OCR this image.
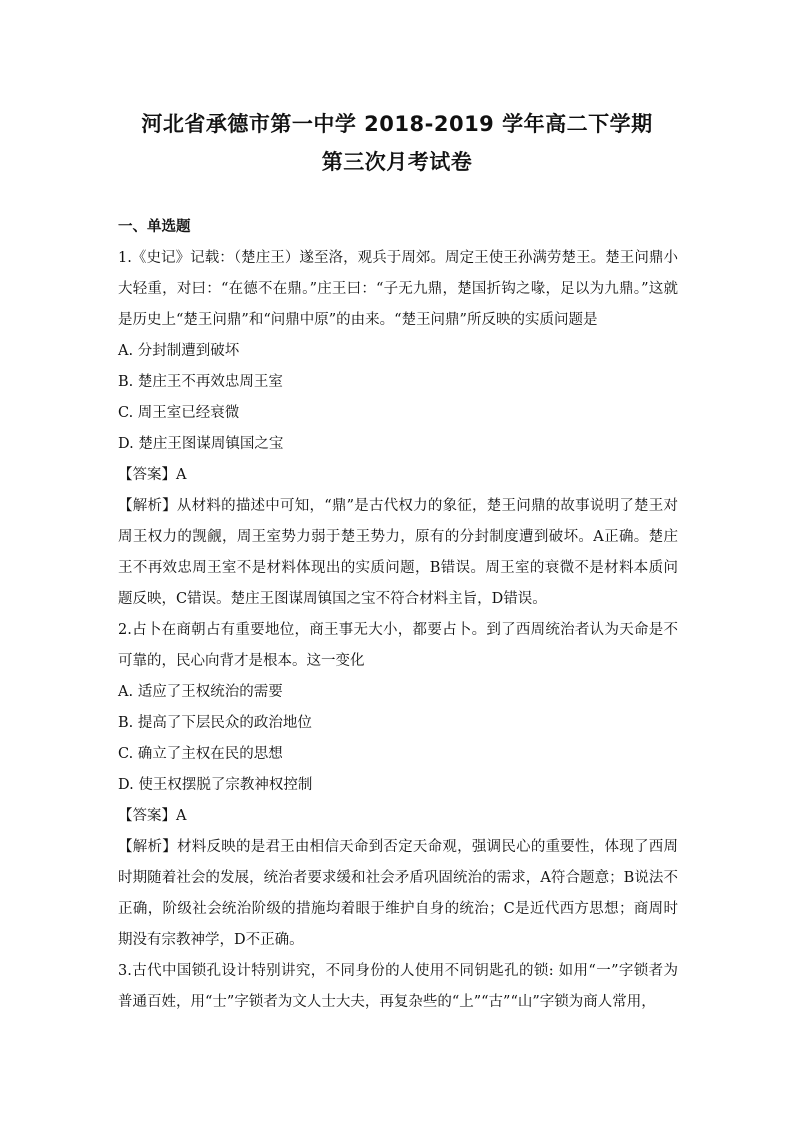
河北省承德市第一中学 2018-2019 学年高二下学期
第三次月考试卷
一、单选题
1.《史记》记载：（楚庄王）遂至洛，观兵于周郊。周定王使王孙满劳楚王。楚王问鼎小大轻重，对曰：“在德不在鼎。”庄王曰：“子无九鼎，楚国折钩之喙，足以为九鼎。”这就是历史上“楚王问鼎”和“问鼎中原”的由来。“楚王问鼎”所反映的实质问题是
A. 分封制遭到破坏
B. 楚庄王不再效忠周王室
C. 周王室已经衰微
D. 楚庄王图谋周镇国之宝
【答案】A
【解析】从材料的描述中可知，“鼎”是古代权力的象征，楚王问鼎的故事说明了楚王对周王权力的觊觎，周王室势力弱于楚王势力，原有的分封制度遭到破坏。A正确。楚庄王不再效忠周王室不是材料体现出的实质问题，B错误。周王室的衰微不是材料本质问题反映，C错误。楚庄王图谋周镇国之宝不符合材料主旨，D错误。
2.占卜在商朝占有重要地位，商王事无大小，都要占卜。到了西周统治者认为天命是不可靠的，民心向背才是根本。这一变化
A. 适应了王权统治的需要
B. 提高了下层民众的政治地位
C. 确立了主权在民的思想
D. 使王权摆脱了宗教神权控制
【答案】A
【解析】材料反映的是君王由相信天命到否定天命观，强调民心的重要性，体现了西周时期随着社会的发展，统治者要求缓和社会矛盾巩固统治的需求，A符合题意；B说法不正确，阶级社会统治阶级的措施均着眼于维护自身的统治；C是近代西方思想；商周时期没有宗教神学，D不正确。
3.古代中国锁孔设计特别讲究，不同身份的人使用不同钥匙孔的锁: 如用“一”字锁者为普通百姓，用“士”字锁者为文人士大夫，再复杂些的“上”“古”“山”字锁为商人常用，
